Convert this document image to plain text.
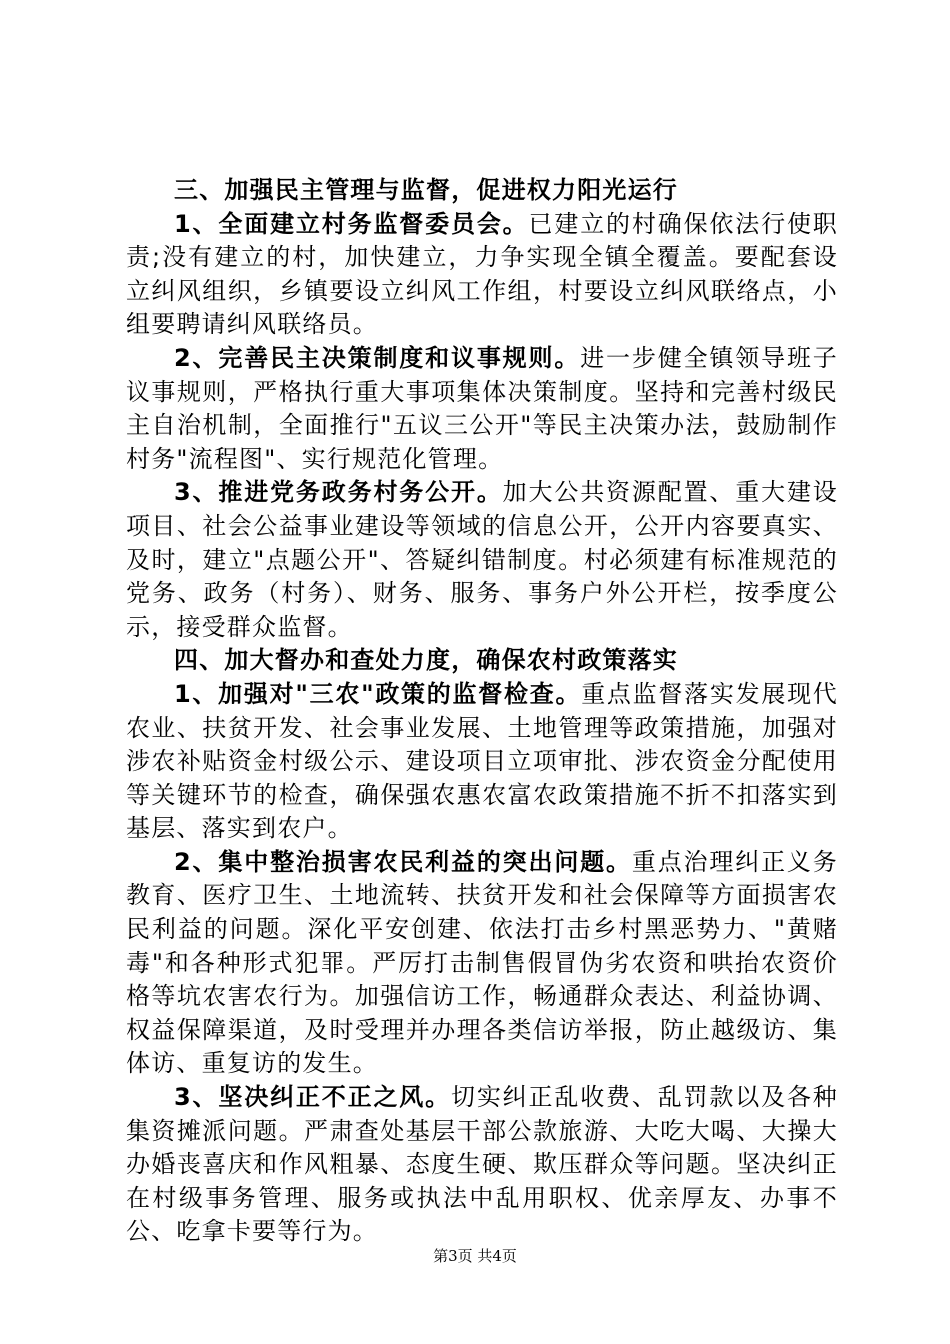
三、加强民主管理与监督，促进权力阳光运行

1、全面建立村务监督委员会。已建立的村确保依法行使职责;没有建立的村，加快建立，力争实现全镇全覆盖。要配套设立纠风组织，乡镇要设立纠风工作组，村要设立纠风联络点，小组要聘请纠风联络员。

2、完善民主决策制度和议事规则。进一步健全镇领导班子议事规则，严格执行重大事项集体决策制度。坚持和完善村级民主自治机制，全面推行"五议三公开"等民主决策办法，鼓励制作村务"流程图"、实行规范化管理。

3、推进党务政务村务公开。加大公共资源配置、重大建设项目、社会公益事业建设等领域的信息公开，公开内容要真实、及时，建立"点题公开"、答疑纠错制度。村必须建有标准规范的党务、政务（村务）、财务、服务、事务户外公开栏，按季度公示，接受群众监督。

四、加大督办和查处力度，确保农村政策落实

1、加强对"三农"政策的监督检查。重点监督落实发展现代农业、扶贫开发、社会事业发展、土地管理等政策措施，加强对涉农补贴资金村级公示、建设项目立项审批、涉农资金分配使用等关键环节的检查，确保强农惠农富农政策措施不折不扣落实到基层、落实到农户。

2、集中整治损害农民利益的突出问题。重点治理纠正义务教育、医疗卫生、土地流转、扶贫开发和社会保障等方面损害农民利益的问题。深化平安创建、依法打击乡村黑恶势力、"黄赌毒"和各种形式犯罪。严厉打击制售假冒伪劣农资和哄抬农资价格等坑农害农行为。加强信访工作，畅通群众表达、利益协调、权益保障渠道，及时受理并办理各类信访举报，防止越级访、集体访、重复访的发生。

3、坚决纠正不正之风。切实纠正乱收费、乱罚款以及各种集资摊派问题。严肃查处基层干部公款旅游、大吃大喝、大操大办婚丧喜庆和作风粗暴、态度生硬、欺压群众等问题。坚决纠正在村级事务管理、服务或执法中乱用职权、优亲厚友、办事不公、吃拿卡要等行为。

第3页 共4页
